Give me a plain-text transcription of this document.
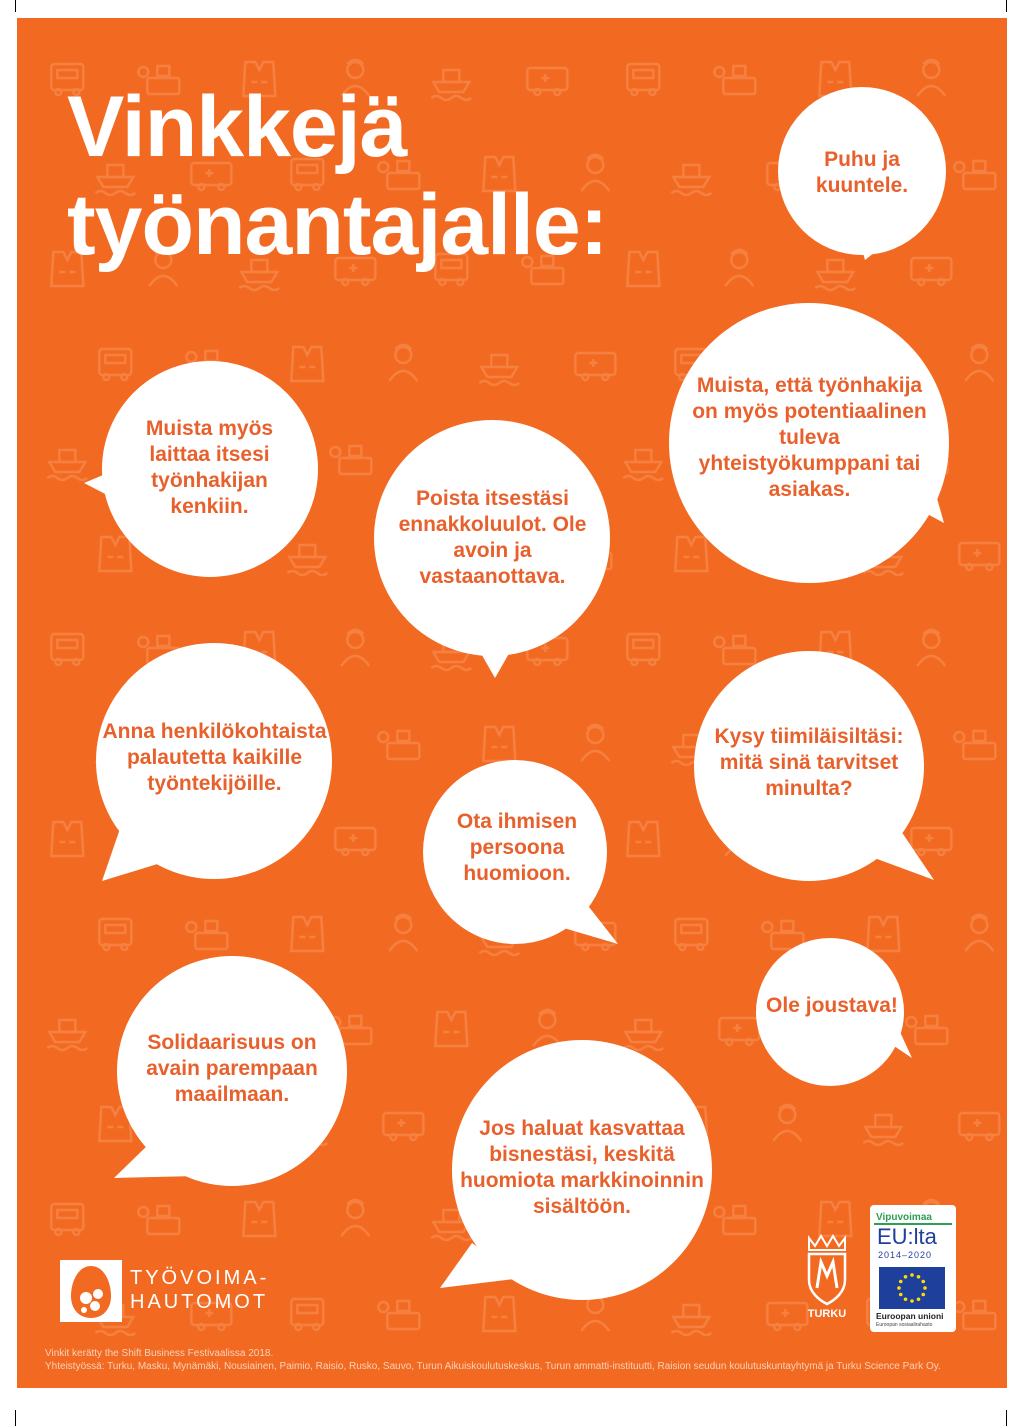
Vinkkejä
työnantajalle:
Puhu ja kuuntele.
Muista myös laittaa itsesi työnhakijan kenkiin.
Muista, että työnhakija on myös potentiaalinen tuleva yhteistyökumppani tai asiakas.
Poista itsestäsi ennakkoluulot. Ole avoin ja vastaanottava.
Anna henkilökohtaista palautetta kaikille työntekijöille.
Kysy tiimiläisiltäsi: mitä sinä tarvitset minulta?
Ota ihmisen persoona huomioon.
Ole joustava!
Solidaarisuus on avain parempaan maailmaan.
Jos haluat kasvattaa bisnestäsi, keskitä huomiota markkinoinnin sisältöön.
TYÖVOIMA-
HAUTOMOT
TURKU
Vipuvoimaa
EU:lta
2014–2020
Euroopan unioni
Euroopan sosiaalirahasto
Vinkit kerätty the Shift Business Festivaalissa 2018.
Yhteistyössä: Turku, Masku, Mynämäki, Nousiainen, Paimio, Raisio, Rusko, Sauvo, Turun Aikuiskoulutuskeskus, Turun ammatti-instituutti, Raision seudun koulutuskuntayhtymä ja Turku Science Park Oy.
